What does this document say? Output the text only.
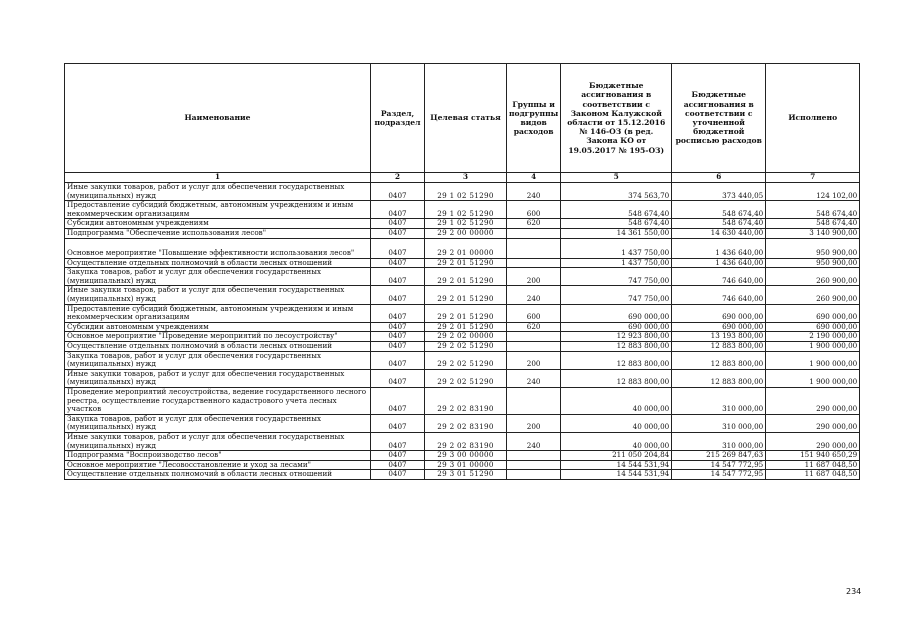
Наименование	Раздел, подраздел	Целевая статья	Группы и подгруппы видов расходов	Бюджетные ассигнования в соответствии с Законом Калужской области от 15.12.2016 № 146-ОЗ (в ред. Закона КО от 19.05.2017 № 195-ОЗ)	Бюджетные ассигнования в соответствии с уточненной бюджетной росписью расходов	Исполнено
1	2	3	4	5	6	7
Иные закупки товаров, работ и услуг для обеспечения государственных (муниципальных) нужд	0407	29 1 02 51290	240	374 563,70	373 440,05	124 102,00
Предоставление субсидий бюджетным, автономным учреждениям и иным некоммерческим организациям	0407	29 1 02 51290	600	548 674,40	548 674,40	548 674,40
Субсидии автономным учреждениям	0407	29 1 02 51290	620	548 674,40	548 674,40	548 674,40
Подпрограмма "Обеспечение использования лесов"	0407	29 2 00 00000		14 361 550,00	14 630 440,00	3 140 900,00
Основное мероприятие "Повышение эффективности использования лесов"	0407	29 2 01 00000		1 437 750,00	1 436 640,00	950 900,00
Осуществление отдельных полномочий в области лесных отношений	0407	29 2 01 51290		1 437 750,00	1 436 640,00	950 900,00
Закупка товаров, работ и услуг для обеспечения государственных (муниципальных) нужд	0407	29 2 01 51290	200	747 750,00	746 640,00	260 900,00
Иные закупки товаров, работ и услуг для обеспечения государственных (муниципальных) нужд	0407	29 2 01 51290	240	747 750,00	746 640,00	260 900,00
Предоставление субсидий бюджетным, автономным учреждениям и иным некоммерческим организациям	0407	29 2 01 51290	600	690 000,00	690 000,00	690 000,00
Субсидии автономным учреждениям	0407	29 2 01 51290	620	690 000,00	690 000,00	690 000,00
Основное мероприятие "Проведение мероприятий по лесоустройству"	0407	29 2 02 00000		12 923 800,00	13 193 800,00	2 190 000,00
Осуществление отдельных полномочий в области лесных отношений	0407	29 2 02 51290		12 883 800,00	12 883 800,00	1 900 000,00
Закупка товаров, работ и услуг для обеспечения государственных (муниципальных) нужд	0407	29 2 02 51290	200	12 883 800,00	12 883 800,00	1 900 000,00
Иные закупки товаров, работ и услуг для обеспечения государственных (муниципальных) нужд	0407	29 2 02 51290	240	12 883 800,00	12 883 800,00	1 900 000,00
Проведение мероприятий лесоустройства, ведение государственного лесного реестра, осуществление государственного кадастрового учета лесных участков	0407	29 2 02 83190		40 000,00	310 000,00	290 000,00
Закупка товаров, работ и услуг для обеспечения государственных (муниципальных) нужд	0407	29 2 02 83190	200	40 000,00	310 000,00	290 000,00
Иные закупки товаров, работ и услуг для обеспечения государственных (муниципальных) нужд	0407	29 2 02 83190	240	40 000,00	310 000,00	290 000,00
Подпрограмма "Воспроизводство лесов"	0407	29 3 00 00000		211 050 204,84	215 269 847,63	151 940 650,29
Основное мероприятие "Лесовосстановление и уход за лесами"	0407	29 3 01 00000		14 544 531,94	14 547 772,95	11 687 048,50
Осуществление отдельных полномочий в области лесных отношений	0407	29 3 01 51290		14 544 531,94	14 547 772,95	11 687 048,50
234
